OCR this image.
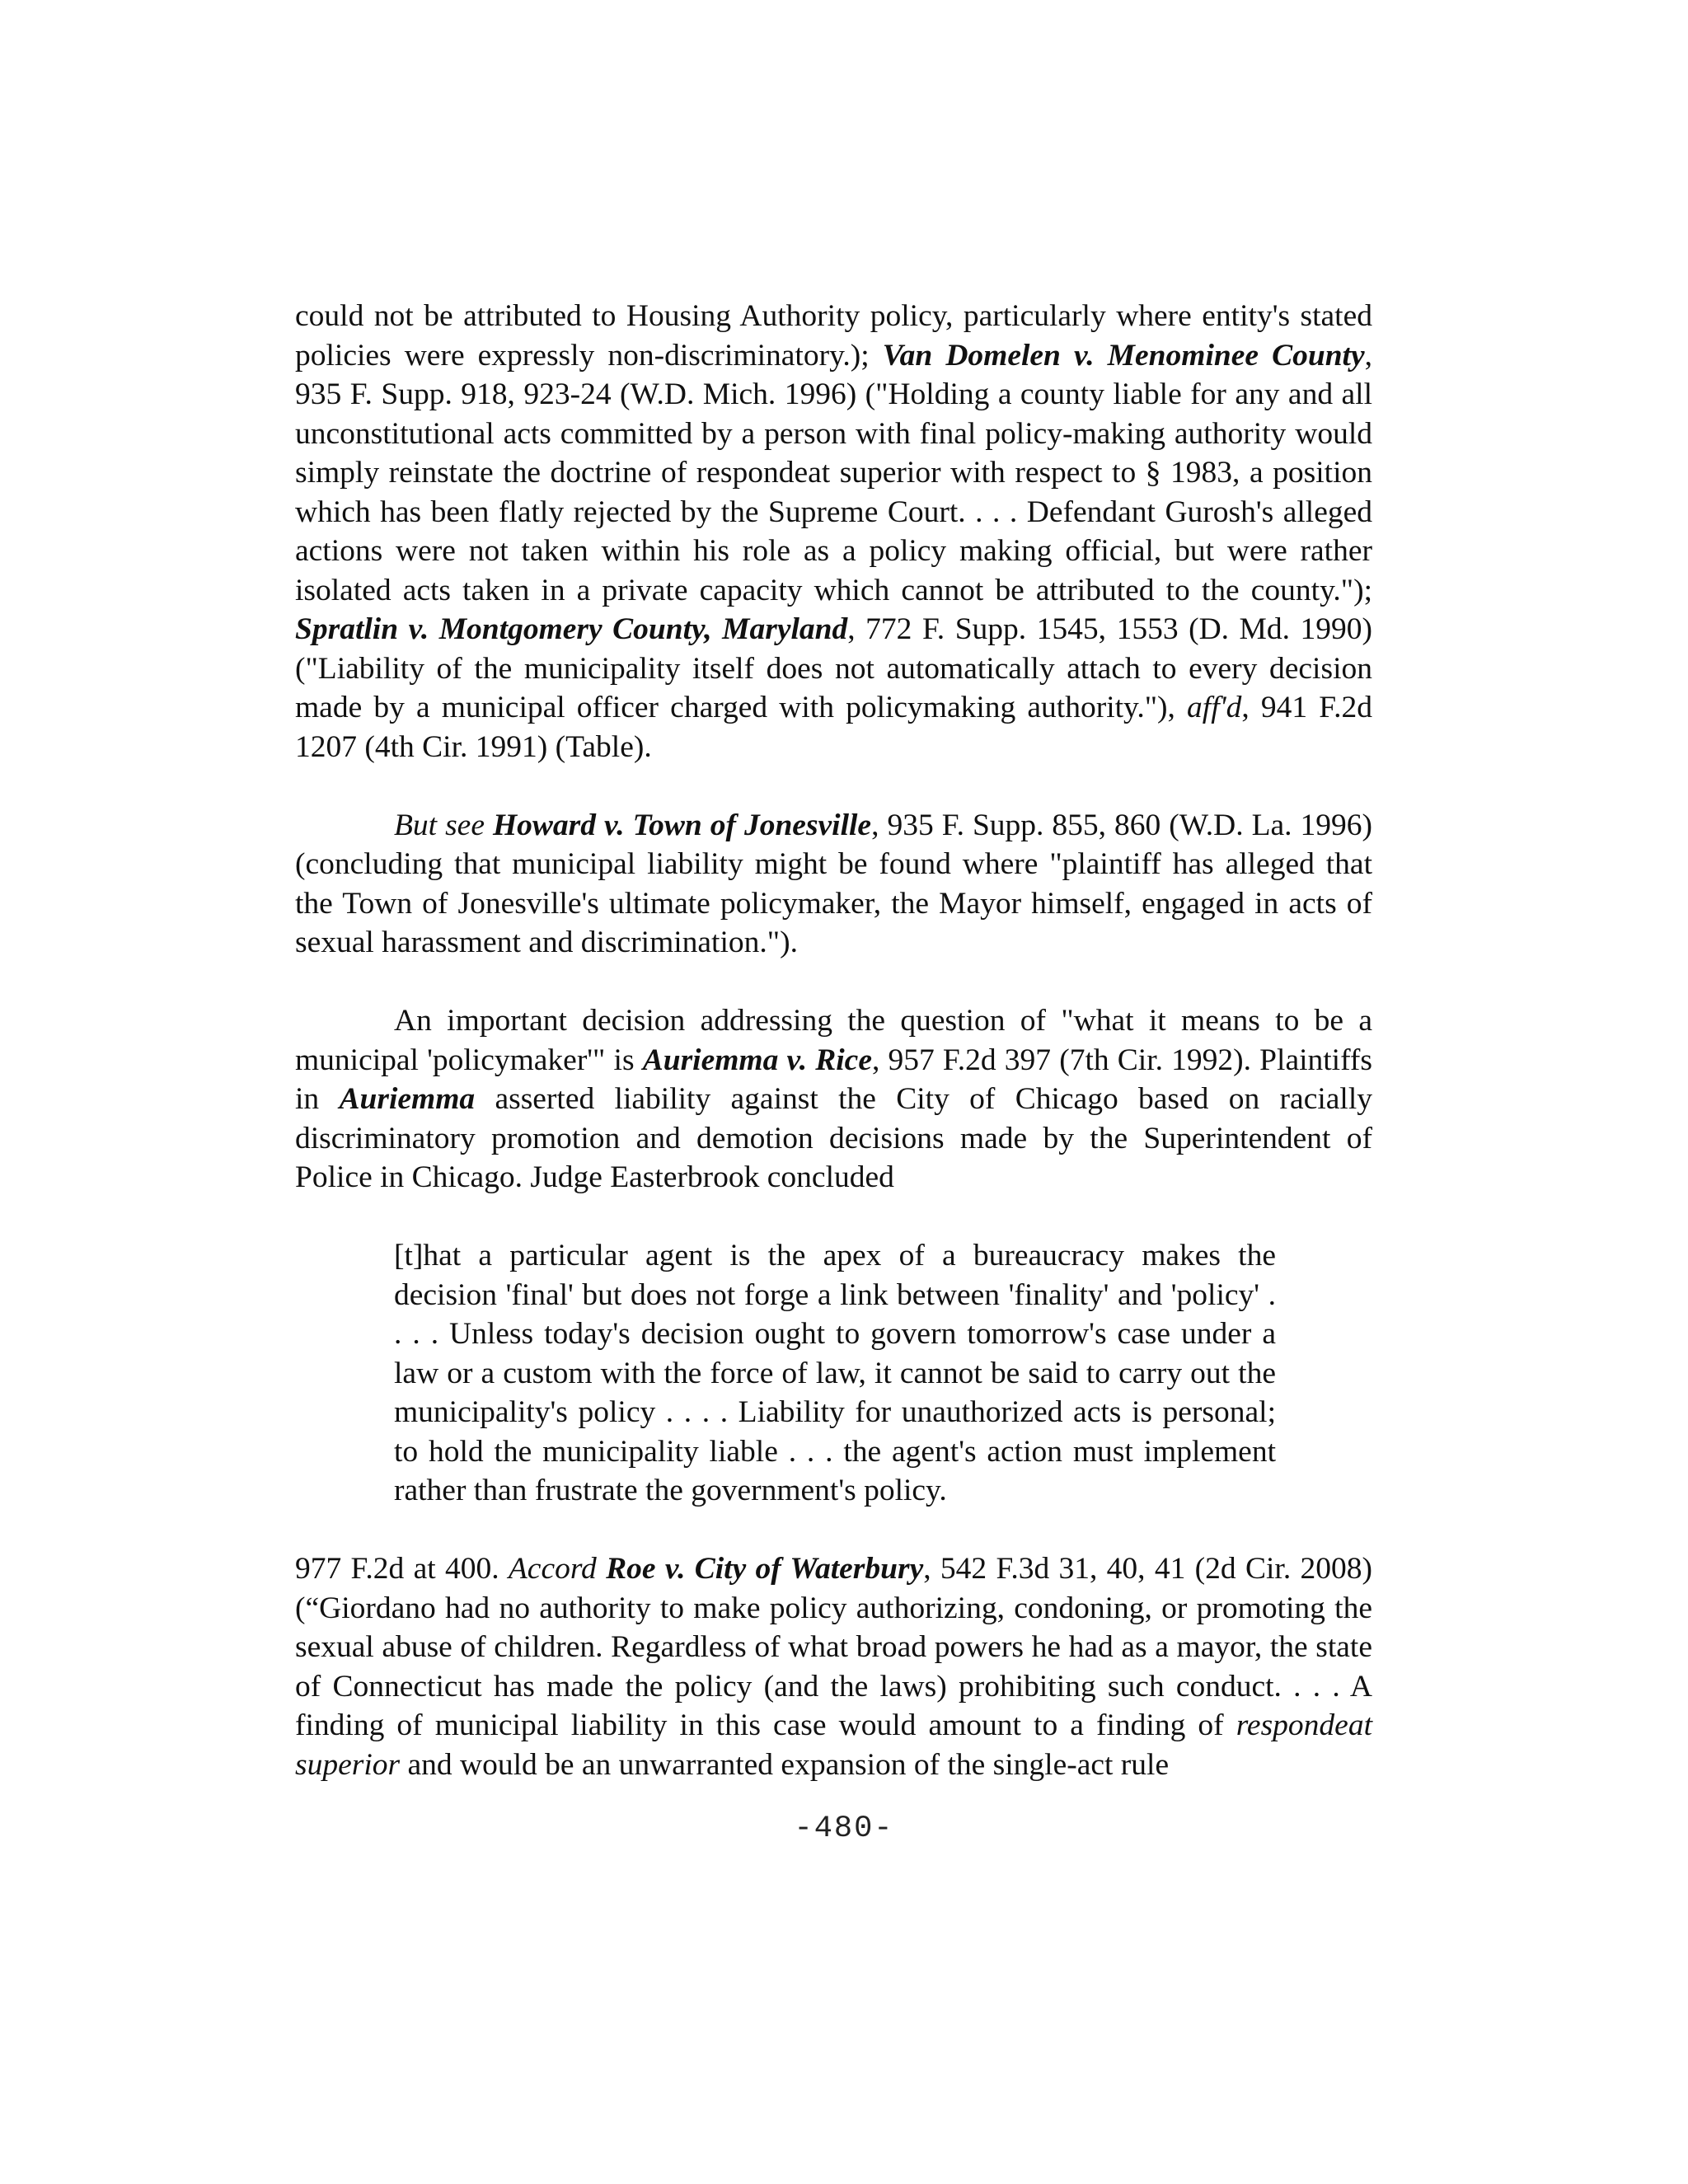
could not be attributed to Housing Authority policy, particularly where entity's stated policies were expressly non-discriminatory.); Van Domelen v. Menominee County, 935 F. Supp. 918, 923-24 (W.D. Mich. 1996) ("Holding a county liable for any and all unconstitutional acts committed by a person with final policy-making authority would simply reinstate the doctrine of respondeat superior with respect to § 1983, a position which has been flatly rejected by the Supreme Court. . . . Defendant Gurosh's alleged actions were not taken within his role as a policy making official, but were rather isolated acts taken in a private capacity which cannot be attributed to the county."); Spratlin v. Montgomery County, Maryland, 772 F. Supp. 1545, 1553 (D. Md. 1990) ("Liability of the municipality itself does not automatically attach to every decision made by a municipal officer charged with policymaking authority."), aff'd, 941 F.2d 1207 (4th Cir. 1991) (Table).

But see Howard v. Town of Jonesville, 935 F. Supp. 855, 860 (W.D. La. 1996) (concluding that municipal liability might be found where "plaintiff has alleged that the Town of Jonesville's ultimate policymaker, the Mayor himself, engaged in acts of sexual harassment and discrimination.").

An important decision addressing the question of "what it means to be a municipal 'policymaker'" is Auriemma v. Rice, 957 F.2d 397 (7th Cir. 1992). Plaintiffs in Auriemma asserted liability against the City of Chicago based on racially discriminatory promotion and demotion decisions made by the Superintendent of Police in Chicago. Judge Easterbrook concluded

[t]hat a particular agent is the apex of a bureaucracy makes the decision 'final' but does not forge a link between 'finality' and 'policy' . . . . Unless today's decision ought to govern tomorrow's case under a law or a custom with the force of law, it cannot be said to carry out the municipality's policy . . . . Liability for unauthorized acts is personal; to hold the municipality liable . . . the agent's action must implement rather than frustrate the government's policy.

977 F.2d at 400. Accord Roe v. City of Waterbury, 542 F.3d 31, 40, 41 (2d Cir. 2008) (“Giordano had no authority to make policy authorizing, condoning, or promoting the sexual abuse of children. Regardless of what broad powers he had as a mayor, the state of Connecticut has made the policy (and the laws) prohibiting such conduct. . . . A finding of municipal liability in this case would amount to a finding of respondeat superior and would be an unwarranted expansion of the single-act rule

-480-
